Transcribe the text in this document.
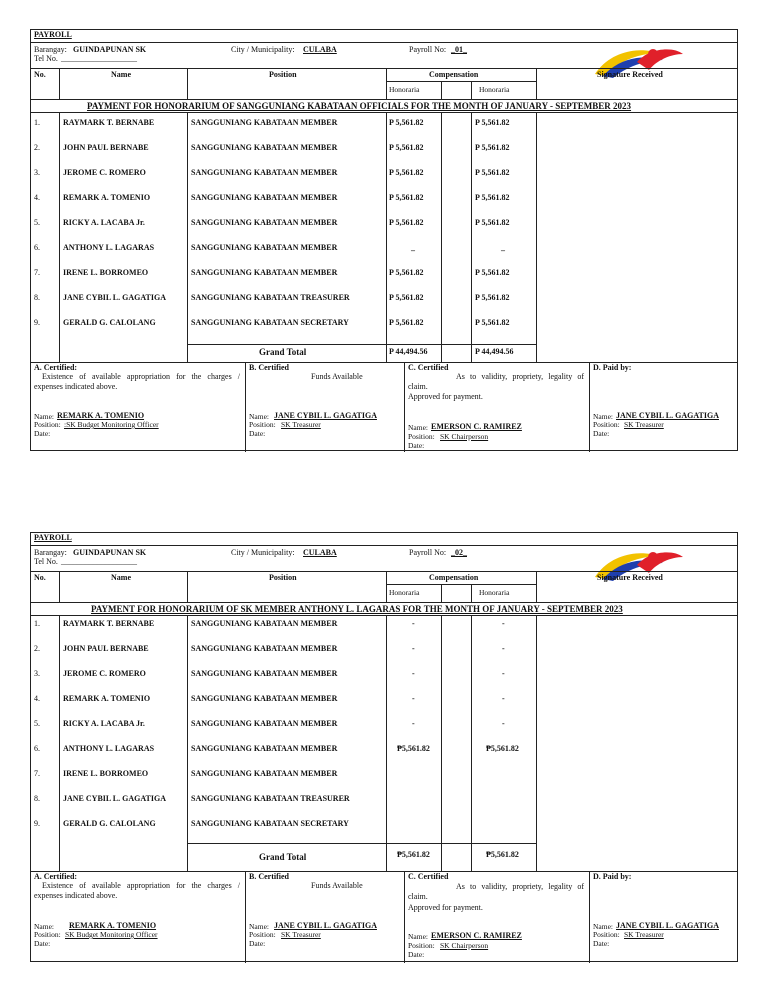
PAYROLL
Barangay: GUINDAPUNAN SK
Tel No. ___________________
City / Municipality: CULABA	Payroll No: _01_
No.	Name	Position	Compensation	Signature Received
Honoraria	Honoraria
PAYMENT FOR HONORARIUM OF SANGGUNIANG KABATAAN OFFICIALS FOR THE MONTH OF JANUARY - SEPTEMBER 2023
1.	RAYMARK T. BERNABE	SANGGUNIANG KABATAAN MEMBER	P 5,561.82	P 5,561.82
2.	JOHN PAUL BERNABE	SANGGUNIANG KABATAAN MEMBER	P 5,561.82	P 5,561.82
3.	JEROME C. ROMERO	SANGGUNIANG KABATAAN MEMBER	P 5,561.82	P 5,561.82
4.	REMARK A. TOMENIO	SANGGUNIANG KABATAAN MEMBER	P 5,561.82	P 5,561.82
5.	RICKY A. LACABA Jr.	SANGGUNIANG KABATAAN MEMBER	P 5,561.82	P 5,561.82
6.	ANTHONY L. LAGARAS	SANGGUNIANG KABATAAN MEMBER	_	_
7.	IRENE L. BORROMEO	SANGGUNIANG KABATAAN MEMBER	P 5,561.82	P 5,561.82
8.	JANE CYBIL L. GAGATIGA	SANGGUNIANG KABATAAN TREASURER	P 5,561.82	P 5,561.82
9.	GERALD G. CALOLANG	SANGGUNIANG KABATAAN SECRETARY	P 5,561.82	P 5,561.82
Grand Total	P 44,494.56	P 44,494.56
A. Certified:
Existence of available appropriation for the charges / expenses indicated above.
Name: REMARK A. TOMENIO
Position: :SK Budget Monitoring Officer
Date:
B. Certified
Funds Available
Name: JANE CYBIL L. GAGATIGA
Position: SK Treasurer
Date:
C. Certified
As to validity, propriety, legality of claim.
Approved for payment.
Name: EMERSON C. RAMIREZ
Position: SK Chairperson
Date:
D. Paid by:
Name: JANE CYBIL L. GAGATIGA
Position: SK Treasurer
Date:
PAYROLL
Barangay: GUINDAPUNAN SK
Tel No. ___________________
City / Municipality: CULABA	Payroll No: _02_
No.	Name	Position	Compensation	Signature Received
Honoraria	Honoraria
PAYMENT FOR HONORARIUM OF SK MEMBER ANTHONY L. LAGARAS FOR THE MONTH OF JANUARY - SEPTEMBER 2023
1.	RAYMARK T. BERNABE	SANGGUNIANG KABATAAN MEMBER	-	-
2.	JOHN PAUL BERNABE	SANGGUNIANG KABATAAN MEMBER	-	-
3.	JEROME C. ROMERO	SANGGUNIANG KABATAAN MEMBER	-	-
4.	REMARK A. TOMENIO	SANGGUNIANG KABATAAN MEMBER	-	-
5.	RICKY A. LACABA Jr.	SANGGUNIANG KABATAAN MEMBER	-	-
6.	ANTHONY L. LAGARAS	SANGGUNIANG KABATAAN MEMBER	₱5,561.82	₱5,561.82
7.	IRENE L. BORROMEO	SANGGUNIANG KABATAAN MEMBER
8.	JANE CYBIL L. GAGATIGA	SANGGUNIANG KABATAAN TREASURER
9.	GERALD G. CALOLANG	SANGGUNIANG KABATAAN SECRETARY
Grand Total	₱5,561.82	₱5,561.82
A. Certified:
Existence of available appropriation for the charges / expenses indicated above.
Name: REMARK A. TOMENIO
Position: SK Budget Monitoring Officer
Date:
B. Certified
Funds Available
Name: JANE CYBIL L. GAGATIGA
Position: SK Treasurer
Date:
C. Certified
As to validity, propriety, legality of claim.
Approved for payment.
Name: EMERSON C. RAMIREZ
Position: SK Chairperson
Date:
D. Paid by:
Name: JANE CYBIL L. GAGATIGA
Position: SK Treasurer
Date:
